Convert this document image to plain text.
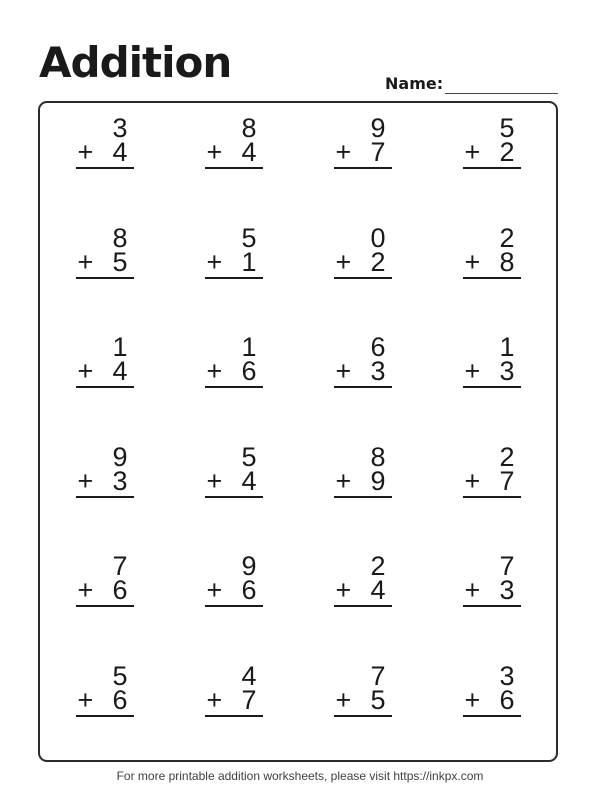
Addition	Name:
3
+ 4
8
+ 4
9
+ 7
5
+ 2
8
+ 5
5
+ 1
0
+ 2
2
+ 8
1
+ 4
1
+ 6
6
+ 3
1
+ 3
9
+ 3
5
+ 4
8
+ 9
2
+ 7
7
+ 6
9
+ 6
2
+ 4
7
+ 3
5
+ 6
4
+ 7
7
+ 5
3
+ 6
For more printable addition worksheets, please visit https://inkpx.com
